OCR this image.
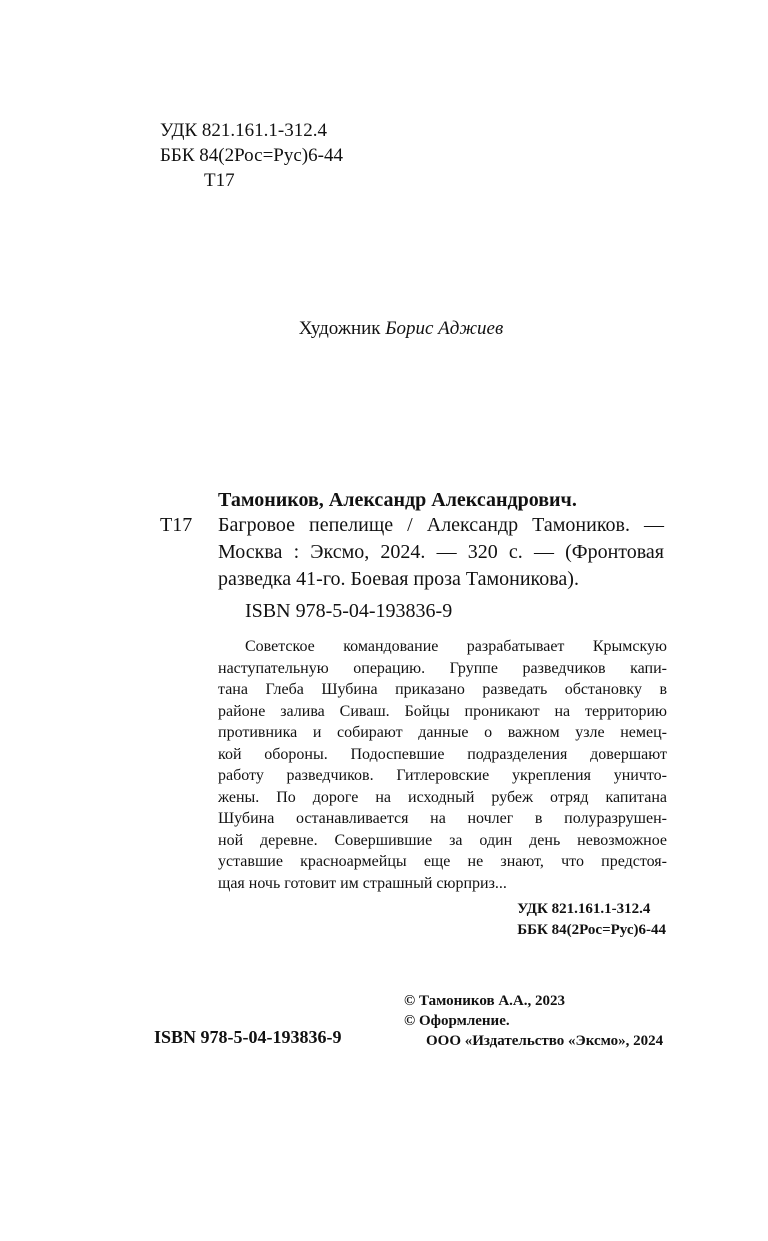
УДК 821.161.1-312.4
ББК 84(2Рос=Рус)6-44
Т17
Художник Борис Аджиев
Тамоников, Александр Александрович.
Т17 Багровое пепелище / Александр Тамоников. —
Москва : Эксмо, 2024. — 320 с. — (Фронтовая
разведка 41-го. Боевая проза Тамоникова).
ISBN 978-5-04-193836-9
Советское командование разрабатывает Крымскую
наступательную операцию. Группе разведчиков капи-
тана Глеба Шубина приказано разведать обстановку в
районе залива Сиваш. Бойцы проникают на территорию
противника и собирают данные о важном узле немец-
кой обороны. Подоспевшие подразделения довершают
работу разведчиков. Гитлеровские укрепления уничто-
жены. По дороге на исходный рубеж отряд капитана
Шубина останавливается на ночлег в полуразрушен-
ной деревне. Совершившие за один день невозможное
уставшие красноармейцы еще не знают, что предстоя-
щая ночь готовит им страшный сюрприз...
УДК 821.161.1-312.4
ББК 84(2Рос=Рус)6-44
© Тамоников А.А., 2023
© Оформление.
ООО «Издательство «Эксмо», 2024
ISBN 978-5-04-193836-9
